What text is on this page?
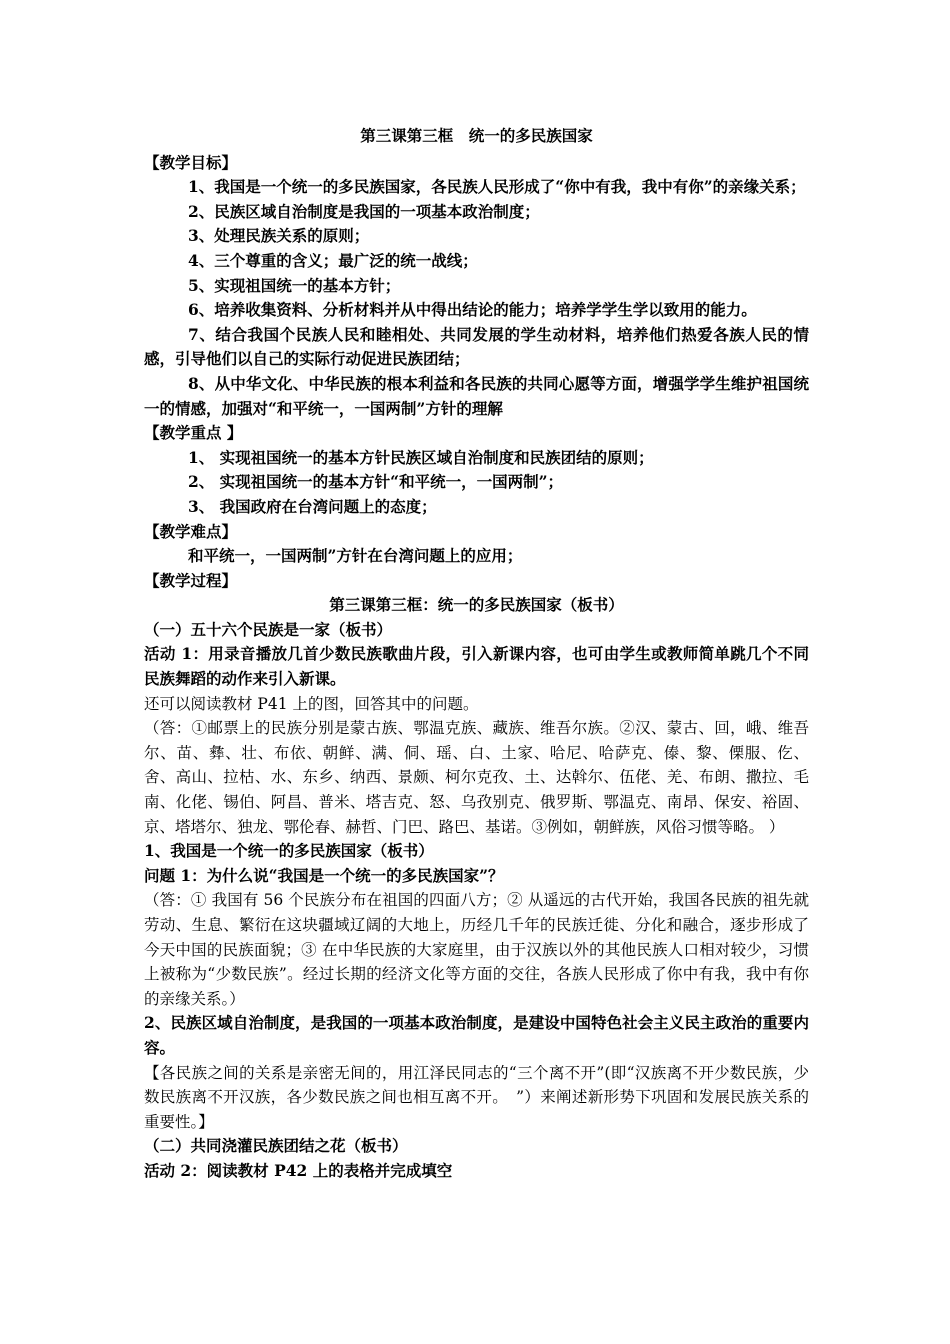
第三课第三框　统一的多民族国家
【教学目标】
1、我国是一个统一的多民族国家，各民族人民形成了“你中有我，我中有你”的亲缘关系；
2、民族区域自治制度是我国的一项基本政治制度；
3、处理民族关系的原则；
4、三个尊重的含义；最广泛的统一战线；
5、实现祖国统一的基本方针；
6、培养收集资料、分析材料并从中得出结论的能力；培养学学生学以致用的能力。
7、结合我国个民族人民和睦相处、共同发展的学生动材料，培养他们热爱各族人民的情感，引导他们以自己的实际行动促进民族团结；
8、从中华文化、中华民族的根本利益和各民族的共同心愿等方面，增强学学生维护祖国统一的情感，加强对“和平统一，一国两制”方针的理解
【教学重点 】
1、 实现祖国统一的基本方针民族区域自治制度和民族团结的原则；
2、 实现祖国统一的基本方针“和平统一，一国两制”；
3、 我国政府在台湾问题上的态度；
【教学难点】
和平统一，一国两制”方针在台湾问题上的应用；
【教学过程】
第三课第三框：统一的多民族国家（板书）
（一）五十六个民族是一家（板书）
活动 1：用录音播放几首少数民族歌曲片段，引入新课内容，也可由学生或教师简单跳几个不同民族舞蹈的动作来引入新课。
还可以阅读教材 P41 上的图，回答其中的问题。
（答：①邮票上的民族分别是蒙古族、鄂温克族、藏族、维吾尔族。②汉、蒙古、回，峨、维吾尔、苗、彝、壮、布依、朝鲜、满、侗、瑶、白、土家、哈尼、哈萨克、傣、黎、傈服、仡、舍、高山、拉枯、水、东乡、纳西、景颇、柯尔克孜、土、达斡尔、伍佬、羌、布朗、撒拉、毛南、化佬、锡伯、阿昌、普米、塔吉克、怒、乌孜别克、俄罗斯、鄂温克、南昂、保安、裕固、京、塔塔尔、独龙、鄂伦春、赫哲、门巴、路巴、基诺。③例如，朝鲜族，风俗习惯等略。 ）
1、我国是一个统一的多民族国家（板书）
问题 1：为什么说“我国是一个统一的多民族国家”？
（答：① 我国有 56 个民族分布在祖国的四面八方；② 从遥远的古代开始，我国各民族的祖先就劳动、生息、繁衍在这块疆域辽阔的大地上，历经几千年的民族迁徙、分化和融合，逐步形成了今天中国的民族面貌；③ 在中华民族的大家庭里，由于汉族以外的其他民族人口相对较少，习惯上被称为“少数民族”。经过长期的经济文化等方面的交往，各族人民形成了你中有我，我中有你的亲缘关系。）
2、民族区域自治制度，是我国的一项基本政治制度，是建设中国特色社会主义民主政治的重要内容。
【各民族之间的关系是亲密无间的，用江泽民同志的“三个离不开”(即“汉族离不开少数民族，少数民族离不开汉族，各少数民族之间也相互离不开。　”）来阐述新形势下巩固和发展民族关系的重要性。】
（二）共同浇灌民族团结之花（板书）
活动 2：阅读教材 P42 上的表格并完成填空
